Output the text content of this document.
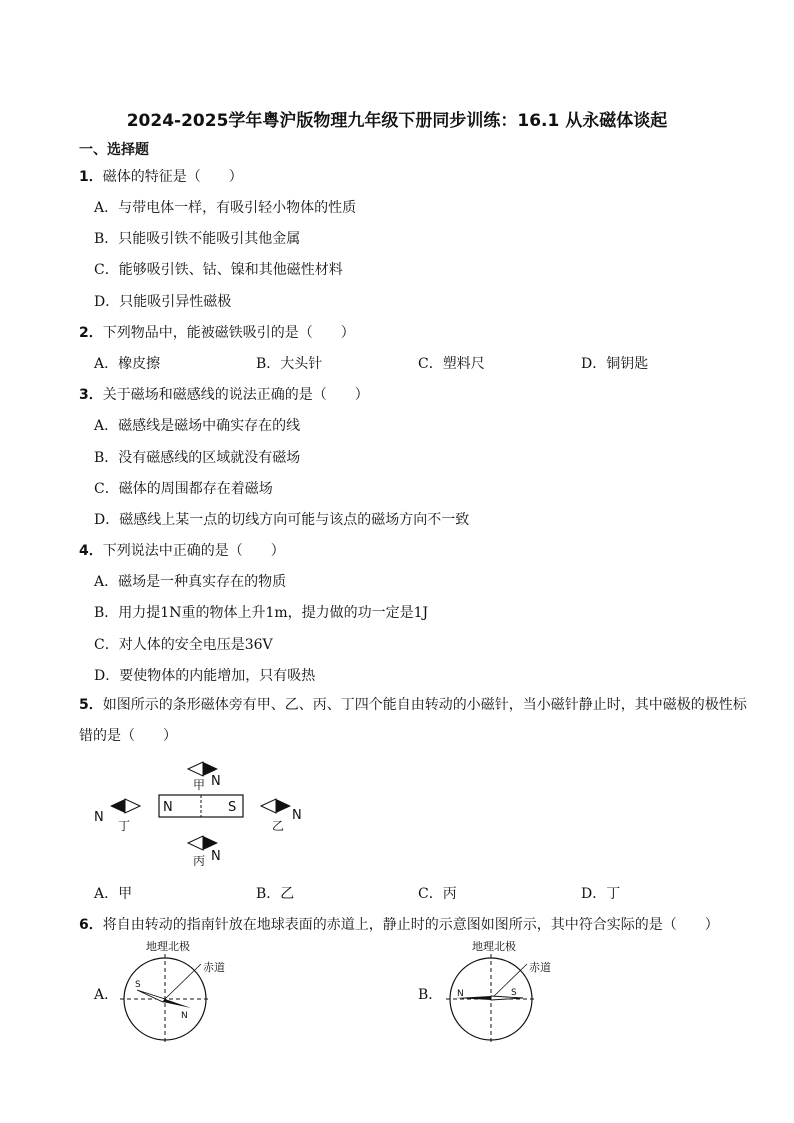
2024-2025学年粤沪版物理九年级下册同步训练：16.1 从永磁体谈起
一、选择题
1．磁体的特征是（　　）
A．与带电体一样，有吸引轻小物体的性质
B．只能吸引铁不能吸引其他金属
C．能够吸引铁、钴、镍和其他磁性材料
D．只能吸引异性磁极
2．下列物品中，能被磁铁吸引的是（　　）
A．橡皮擦	B．大头针	C．塑料尺	D．铜钥匙
3．关于磁场和磁感线的说法正确的是（　　）
A．磁感线是磁场中确实存在的线
B．没有磁感线的区域就没有磁场
C．磁体的周围都存在着磁场
D．磁感线上某一点的切线方向可能与该点的磁场方向不一致
4．下列说法中正确的是（　　）
A．磁场是一种真实存在的物质
B．用力提1N重的物体上升1m，提力做的功一定是1J
C．对人体的安全电压是36V
D．要使物体的内能增加，只有吸热
5．如图所示的条形磁体旁有甲、乙、丙、丁四个能自由转动的小磁针，当小磁针静止时，其中磁极的极性标错的是（　　）
N	S
N
甲
N
丁
N
乙
N
丙
A．甲	B．乙	C．丙	D．丁
6．将自由转动的指南针放在地球表面的赤道上，静止时的示意图如图所示，其中符合实际的是（　　）
A．
地理北极
赤道
S
N
B．
地理北极
赤道
N	S
